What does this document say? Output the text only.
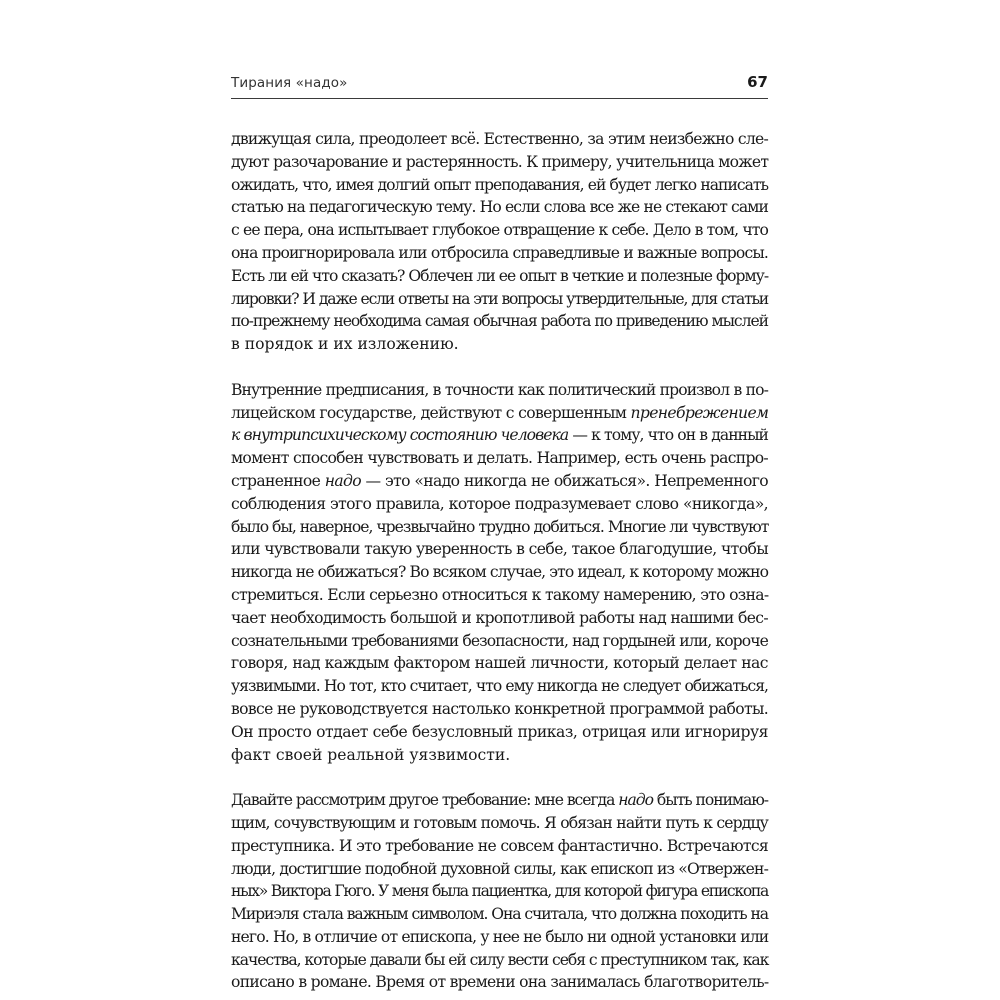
Тирания «надо»	67

движущая сила, преодолеет всё. Естественно, за этим неизбежно сле-
дуют разочарование и растерянность. К примеру, учительница может
ожидать, что, имея долгий опыт преподавания, ей будет легко написать
статью на педагогическую тему. Но если слова все же не стекают сами
с ее пера, она испытывает глубокое отвращение к себе. Дело в том, что
она проигнорировала или отбросила справедливые и важные вопросы.
Есть ли ей что сказать? Облечен ли ее опыт в четкие и полезные форму-
лировки? И даже если ответы на эти вопросы утвердительные, для статьи
по-прежнему необходима самая обычная работа по приведению мыслей
в порядок и их изложению.

Внутренние предписания, в точности как политический произвол в по-
лицейском государстве, действуют с совершенным пренебрежением
к внутрипсихическому состоянию человека — к тому, что он в данный
момент способен чувствовать и делать. Например, есть очень распро-
страненное надо — это «надо никогда не обижаться». Непременного
соблюдения этого правила, которое подразумевает слово «никогда»,
было бы, наверное, чрезвычайно трудно добиться. Многие ли чувствуют
или чувствовали такую уверенность в себе, такое благодушие, чтобы
никогда не обижаться? Во всяком случае, это идеал, к которому можно
стремиться. Если серьезно относиться к такому намерению, это озна-
чает необходимость большой и кропотливой работы над нашими бес-
сознательными требованиями безопасности, над гордыней или, короче
говоря, над каждым фактором нашей личности, который делает нас
уязвимыми. Но тот, кто считает, что ему никогда не следует обижаться,
вовсе не руководствуется настолько конкретной программой работы.
Он просто отдает себе безусловный приказ, отрицая или игнорируя
факт своей реальной уязвимости.

Давайте рассмотрим другое требование: мне всегда надо быть понимаю-
щим, сочувствующим и готовым помочь. Я обязан найти путь к сердцу
преступника. И это требование не совсем фантастично. Встречаются
люди, достигшие подобной духовной силы, как епископ из «Отвержен-
ных» Виктора Гюго. У меня была пациентка, для которой фигура епископа
Мириэля стала важным символом. Она считала, что должна походить на
него. Но, в отличие от епископа, у нее не было ни одной установки или
качества, которые давали бы ей силу вести себя с преступником так, как
описано в романе. Время от времени она занималась благотворитель-
